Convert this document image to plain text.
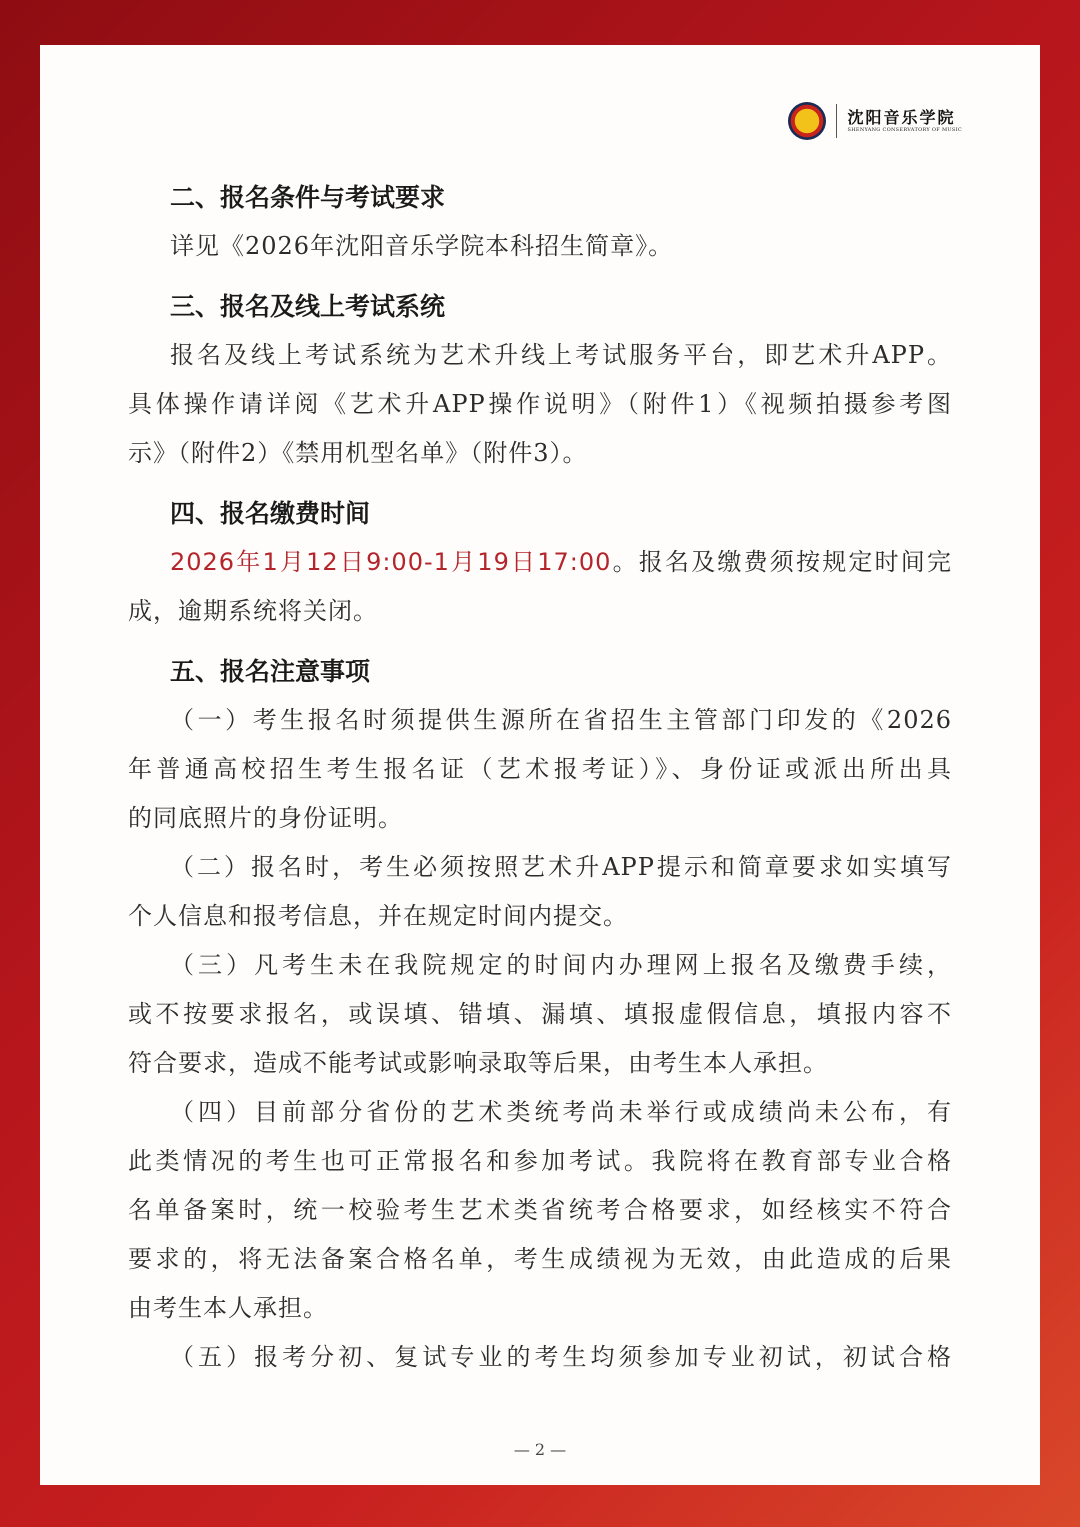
沈阳音乐学院
SHENYANG CONSERVATORY OF MUSIC
二、报名条件与考试要求
详见《2026年沈阳音乐学院本科招生简章》。
三、报名及线上考试系统
报名及线上考试系统为艺术升线上考试服务平台，即艺术升APP。
具体操作请详阅《艺术升APP操作说明》（附件1）《视频拍摄参考图
示》（附件2）《禁用机型名单》（附件3）。
四、报名缴费时间
2026年1月12日9:00-1月19日17:00。报名及缴费须按规定时间完
成，逾期系统将关闭。
五、报名注意事项
（一）考生报名时须提供生源所在省招生主管部门印发的《2026
年普通高校招生考生报名证（艺术报考证）》、身份证或派出所出具
的同底照片的身份证明。
（二）报名时，考生必须按照艺术升APP提示和简章要求如实填写
个人信息和报考信息，并在规定时间内提交。
（三）凡考生未在我院规定的时间内办理网上报名及缴费手续，
或不按要求报名，或误填、错填、漏填、填报虚假信息，填报内容不
符合要求，造成不能考试或影响录取等后果，由考生本人承担。
（四）目前部分省份的艺术类统考尚未举行或成绩尚未公布，有
此类情况的考生也可正常报名和参加考试。我院将在教育部专业合格
名单备案时，统一校验考生艺术类省统考合格要求，如经核实不符合
要求的，将无法备案合格名单，考生成绩视为无效，由此造成的后果
由考生本人承担。
（五）报考分初、复试专业的考生均须参加专业初试，初试合格
— 2 —
